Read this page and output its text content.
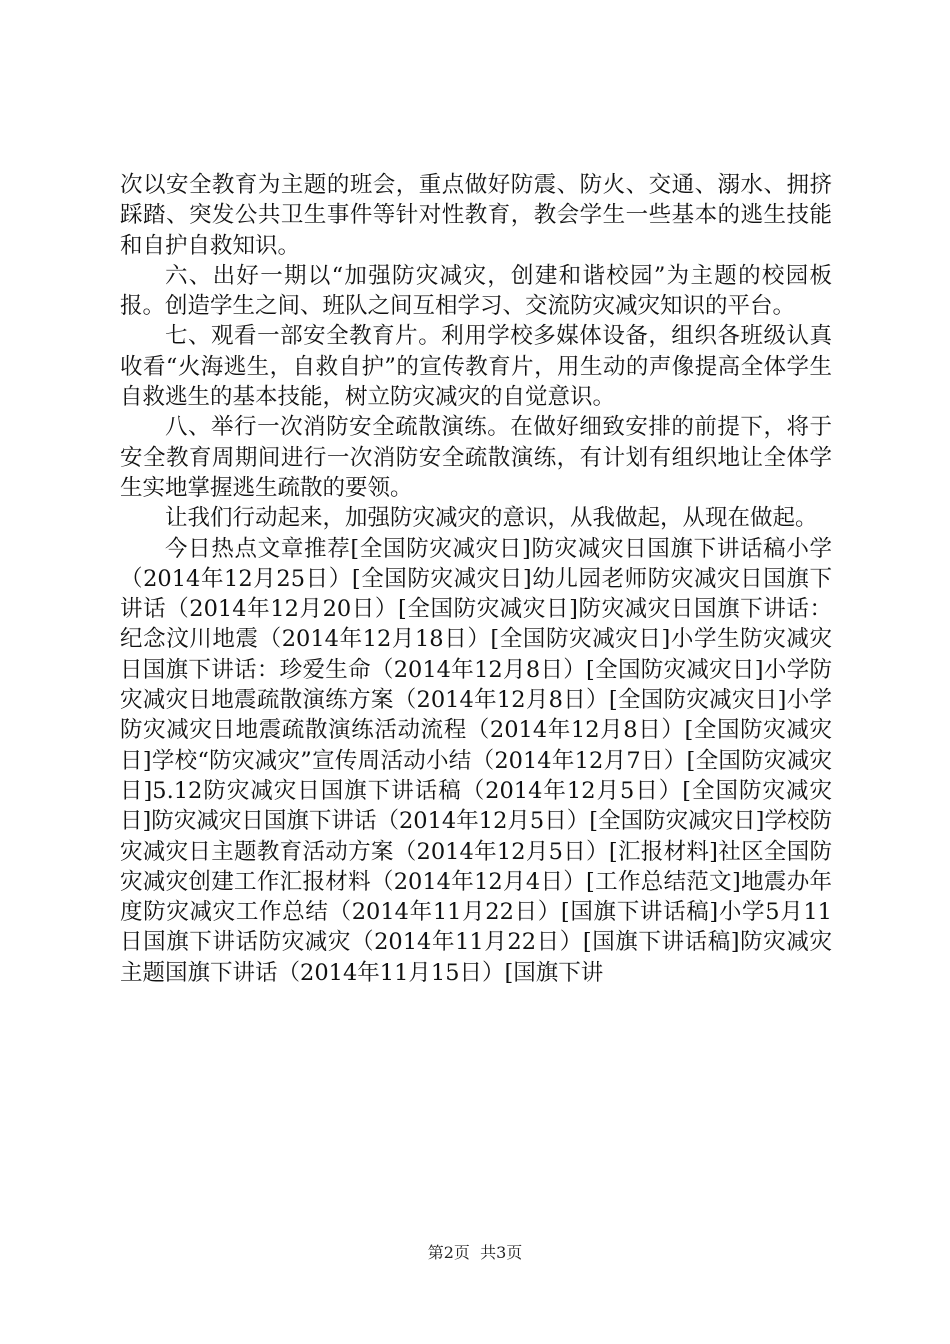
次以安全教育为主题的班会，重点做好防震、防火、交通、溺水、拥挤踩踏、突发公共卫生事件等针对性教育，教会学生一些基本的逃生技能和自护自救知识。

六、出好一期以“加强防灾减灾，创建和谐校园”为主题的校园板报。创造学生之间、班队之间互相学习、交流防灾减灾知识的平台。

七、观看一部安全教育片。利用学校多媒体设备，组织各班级认真收看“火海逃生，自救自护”的宣传教育片，用生动的声像提高全体学生自救逃生的基本技能，树立防灾减灾的自觉意识。

八、举行一次消防安全疏散演练。在做好细致安排的前提下，将于安全教育周期间进行一次消防安全疏散演练，有计划有组织地让全体学生实地掌握逃生疏散的要领。

让我们行动起来，加强防灾减灾的意识，从我做起，从现在做起。

今日热点文章推荐[全国防灾减灾日]防灾减灾日国旗下讲话稿小学（2014年12月25日）[全国防灾减灾日]幼儿园老师防灾减灾日国旗下讲话（2014年12月20日）[全国防灾减灾日]防灾减灾日国旗下讲话：纪念汶川地震（2014年12月18日）[全国防灾减灾日]小学生防灾减灾日国旗下讲话：珍爱生命（2014年12月8日）[全国防灾减灾日]小学防灾减灾日地震疏散演练方案（2014年12月8日）[全国防灾减灾日]小学防灾减灾日地震疏散演练活动流程（2014年12月8日）[全国防灾减灾日]学校“防灾减灾”宣传周活动小结（2014年12月7日）[全国防灾减灾日]5.12防灾减灾日国旗下讲话稿（2014年12月5日）[全国防灾减灾日]防灾减灾日国旗下讲话（2014年12月5日）[全国防灾减灾日]学校防灾减灾日主题教育活动方案（2014年12月5日）[汇报材料]社区全国防灾减灾创建工作汇报材料（2014年12月4日）[工作总结范文]地震办年度防灾减灾工作总结（2014年11月22日）[国旗下讲话稿]小学5月11日国旗下讲话防灾减灾（2014年11月22日）[国旗下讲话稿]防灾减灾主题国旗下讲话（2014年11月15日）[国旗下讲

第2页 共3页
